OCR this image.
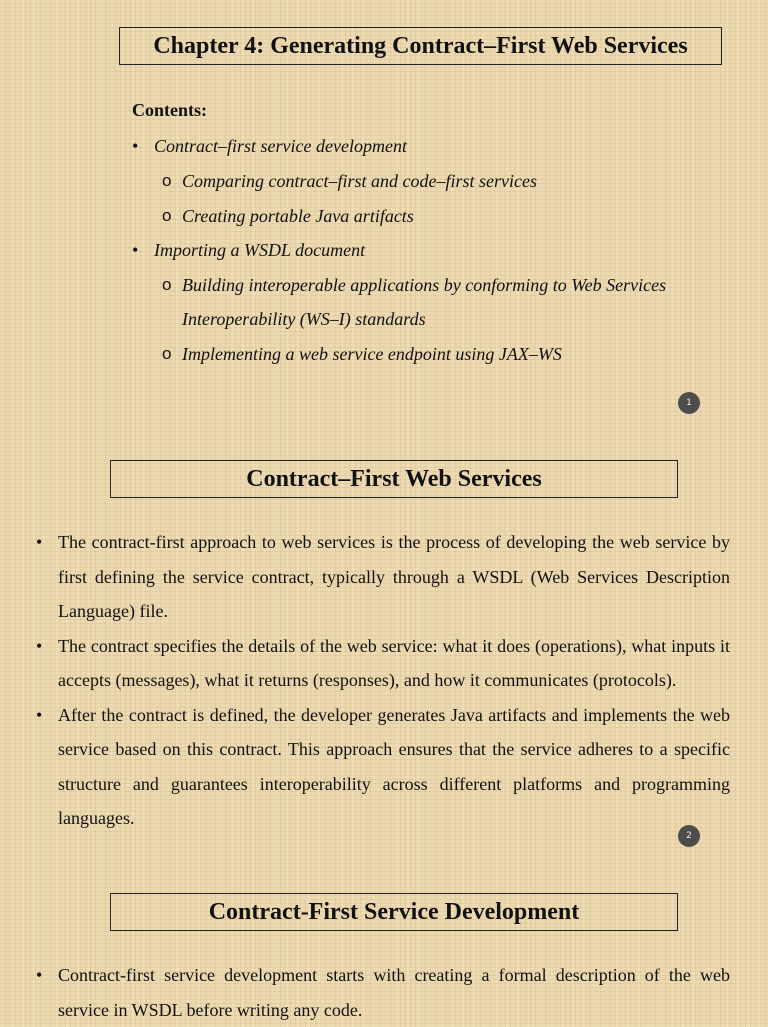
Chapter 4: Generating Contract–First Web Services
Contents:
• Contract–first service development
o Comparing contract–first and code–first services
o Creating portable Java artifacts
• Importing a WSDL document
o Building interoperable applications by conforming to Web Services
Interoperability (WS–I) standards
o Implementing a web service endpoint using JAX–WS
1
Contract–First Web Services
• The contract-first approach to web services is the process of developing the web service by first defining the service contract, typically through a WSDL (Web Services Description Language) file.
• The contract specifies the details of the web service: what it does (operations), what inputs it accepts (messages), what it returns (responses), and how it communicates (protocols).
• After the contract is defined, the developer generates Java artifacts and implements the web service based on this contract. This approach ensures that the service adheres to a specific structure and guarantees interoperability across different platforms and programming languages.
2
Contract-First Service Development
• Contract-first service development starts with creating a formal description of the web service in WSDL before writing any code.
